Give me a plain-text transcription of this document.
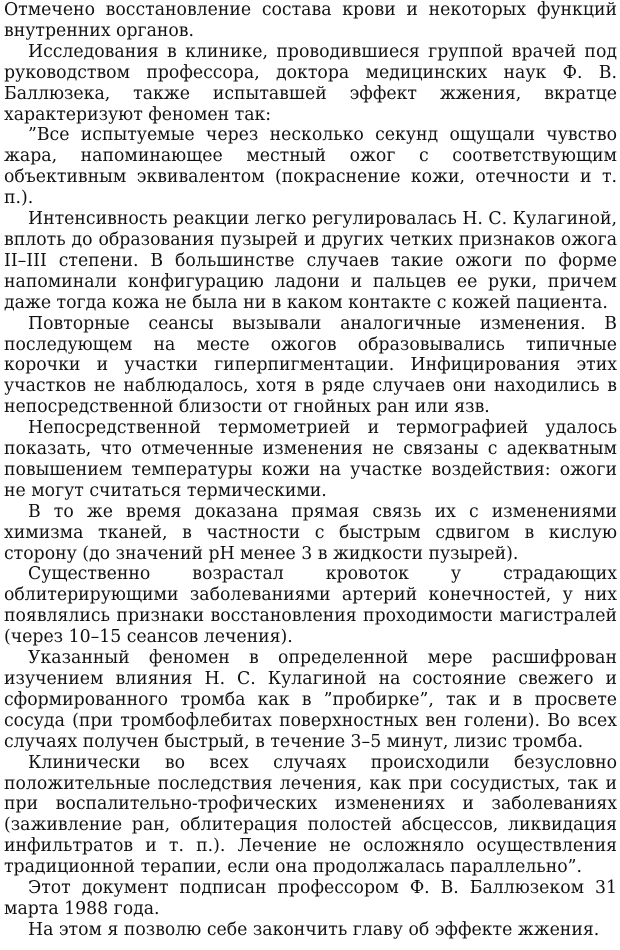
Отмечено восстановление состава крови и некоторых функций внутренних органов.

Исследования в клинике, проводившиеся группой врачей под руководством профессора, доктора медицинских наук Ф. В. Баллюзека, также испытавшей эффект жжения, вкратце характеризуют феномен так:

”Все испытуемые через несколько секунд ощущали чувство жара, напоминающее местный ожог с соответствующим объективным эквивалентом (покраснение кожи, отечности и т. п.).

Интенсивность реакции легко регулировалась Н. С. Кулагиной, вплоть до образования пузырей и других четких признаков ожога II–III степени. В большинстве случаев такие ожоги по форме напоминали конфигурацию ладони и пальцев ее руки, причем даже тогда кожа не была ни в каком контакте с кожей пациента.

Повторные сеансы вызывали аналогичные изменения. В последующем на месте ожогов образовывались типичные корочки и участки гиперпигментации. Инфицирования этих участков не наблюдалось, хотя в ряде случаев они находились в непосредственной близости от гнойных ран или язв.

Непосредственной термометрией и термографией удалось показать, что отмеченные изменения не связаны с адекватным повышением температуры кожи на участке воздействия: ожоги не могут считаться термическими.

В то же время доказана прямая связь их с изменениями химизма тканей, в частности с быстрым сдвигом в кислую сторону (до значений pH менее 3 в жидкости пузырей).

Существенно возрастал кровоток у страдающих облитерирующими заболеваниями артерий конечностей, у них появлялись признаки восстановления проходимости магистралей (через 10–15 сеансов лечения).

Указанный феномен в определенной мере расшифрован изучением влияния Н. С. Кулагиной на состояние свежего и сформированного тромба как в ”пробирке”, так и в просвете сосуда (при тромбофлебитах поверхностных вен голени). Во всех случаях получен быстрый, в течение 3–5 минут, лизис тромба.

Клинически во всех случаях происходили безусловно положительные последствия лечения, как при сосудистых, так и при воспалительно-трофических изменениях и заболеваниях (заживление ран, облитерация полостей абсцессов, ликвидация инфильтратов и т. п.). Лечение не осложняло осуществления традиционной терапии, если она продолжалась параллельно”.

Этот документ подписан профессором Ф. В. Баллюзеком 31 марта 1988 года.

На этом я позволю себе закончить главу об эффекте жжения.
